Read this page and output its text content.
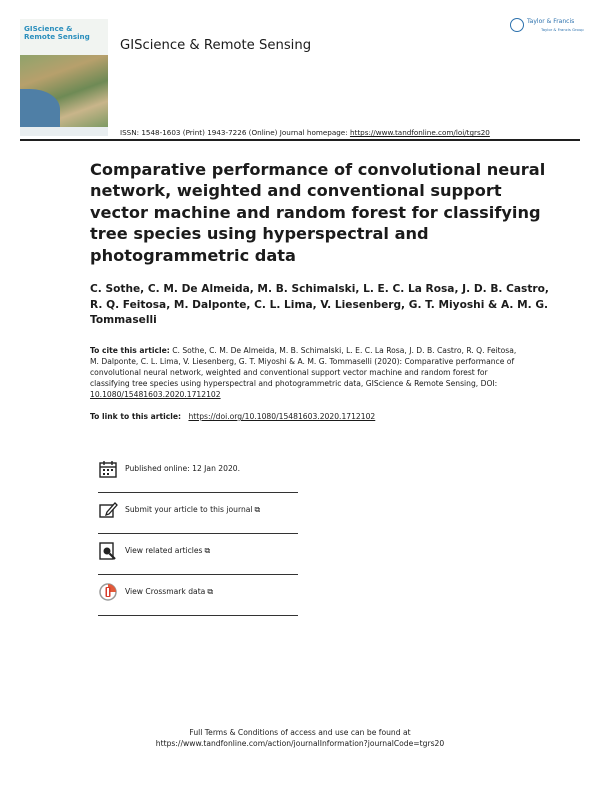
GIScience &
Remote Sensing
GIScience & Remote Sensing
Taylor & Francis
Taylor & Francis Group
ISSN: 1548-1603 (Print) 1943-7226 (Online) Journal homepage: https://www.tandfonline.com/loi/tgrs20
Comparative performance of convolutional neural network, weighted and conventional support vector machine and random forest for classifying tree species using hyperspectral and photogrammetric data
C. Sothe, C. M. De Almeida, M. B. Schimalski, L. E. C. La Rosa, J. D. B. Castro, R. Q. Feitosa, M. Dalponte, C. L. Lima, V. Liesenberg, G. T. Miyoshi & A. M. G. Tommaselli
To cite this article: C. Sothe, C. M. De Almeida, M. B. Schimalski, L. E. C. La Rosa, J. D. B. Castro, R. Q. Feitosa, M. Dalponte, C. L. Lima, V. Liesenberg, G. T. Miyoshi & A. M. G. Tommaselli (2020): Comparative performance of convolutional neural network, weighted and conventional support vector machine and random forest for classifying tree species using hyperspectral and photogrammetric data, GIScience & Remote Sensing, DOI: 10.1080/15481603.2020.1712102
To link to this article: https://doi.org/10.1080/15481603.2020.1712102
Published online: 12 Jan 2020.
Submit your article to this journal ⧉
View related articles ⧉
View Crossmark data ⧉
Full Terms & Conditions of access and use can be found at
https://www.tandfonline.com/action/journalInformation?journalCode=tgrs20
